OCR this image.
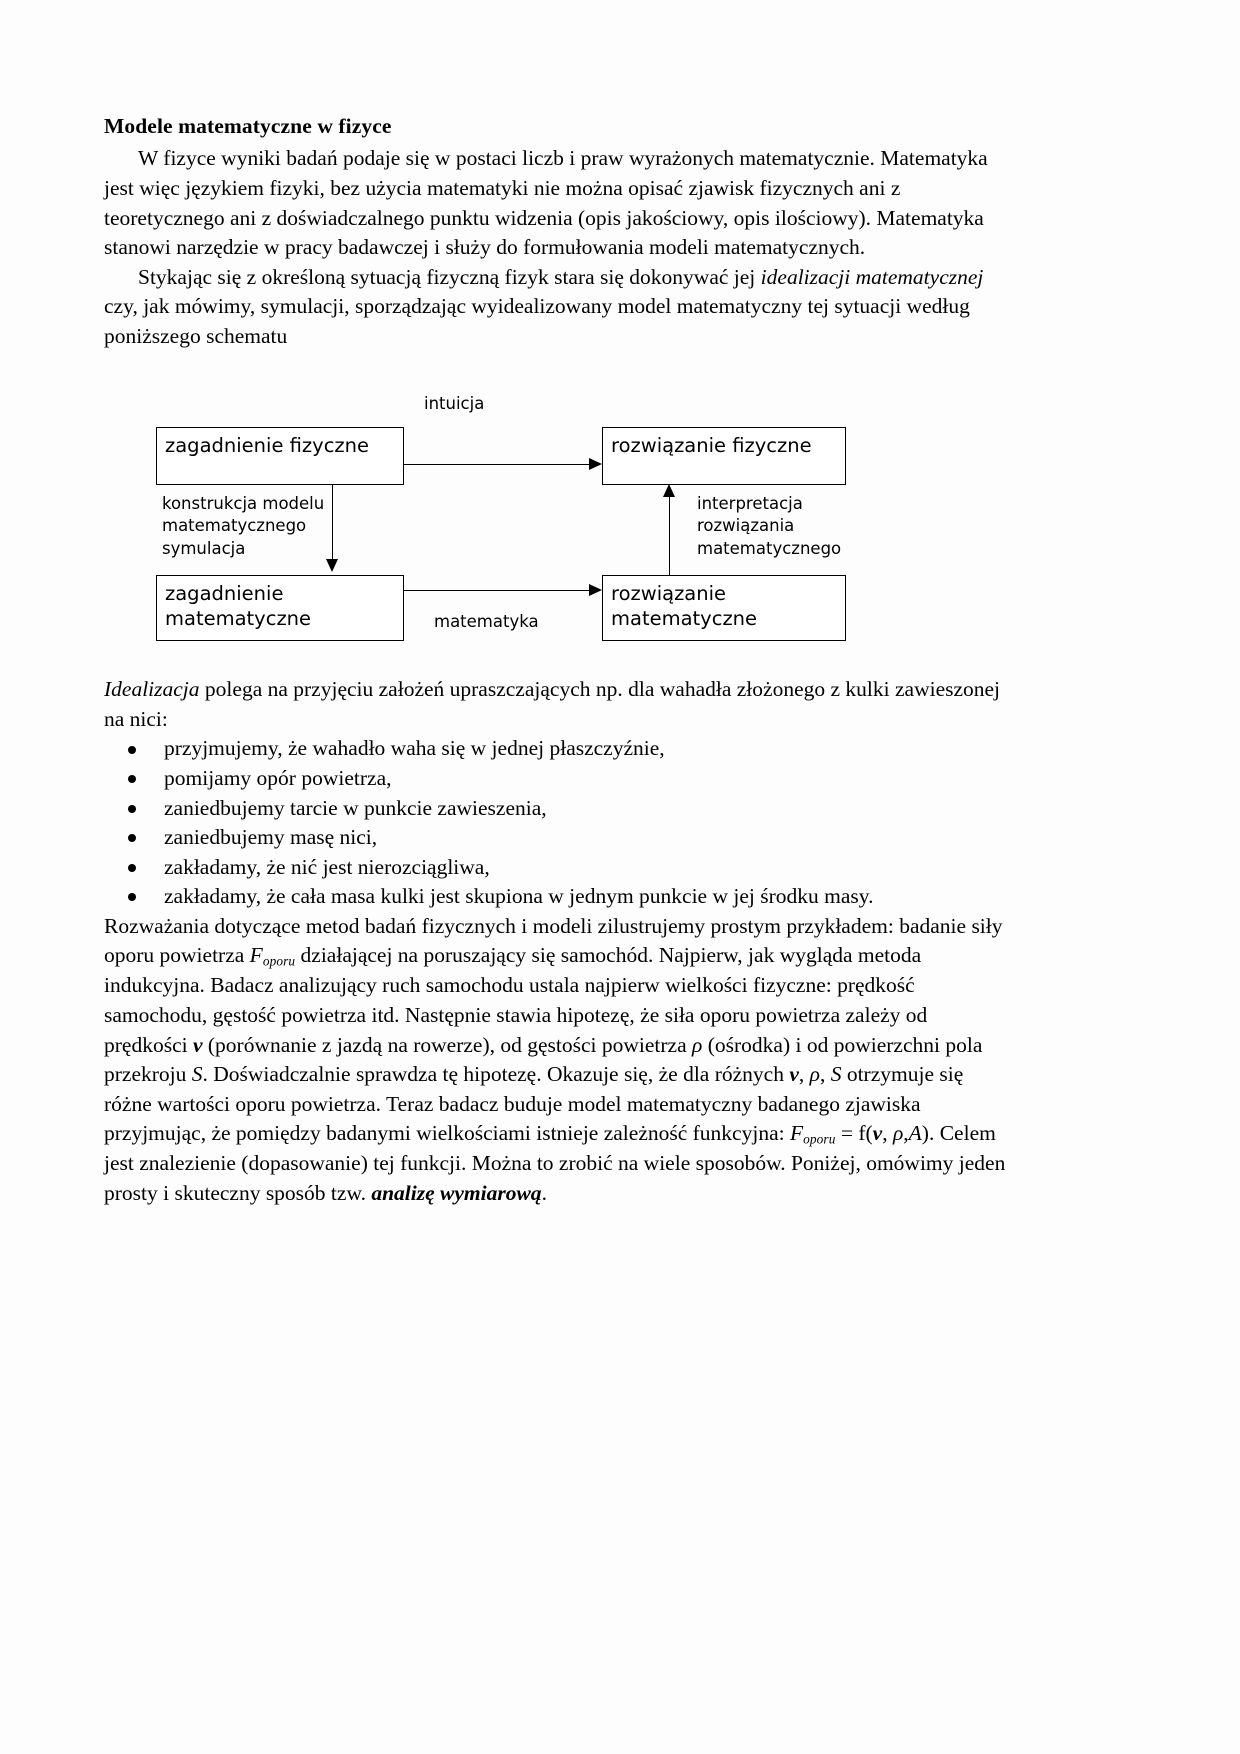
Modele matematyczne w fizyce

W fizyce wyniki badań podaje się w postaci liczb i praw wyrażonych matematycznie. Matematyka jest więc językiem fizyki, bez użycia matematyki nie można opisać zjawisk fizycznych ani z teoretycznego ani z doświadczalnego punktu widzenia (opis jakościowy, opis ilościowy). Matematyka stanowi narzędzie w pracy badawczej i służy do formułowania modeli matematycznych.

Stykając się z określoną sytuacją fizyczną fizyk stara się dokonywać jej idealizacji matematycznej czy, jak mówimy, symulacji, sporządzając wyidealizowany model matematyczny tej sytuacji według poniższego schematu

zagadnienie fizyczne	rozwiązanie fizyczne
zagadnienie
matematyczne
rozwiązanie
matematyczne
intuicja
konstrukcja modelu
matematycznego
symulacja
matematyka
interpretacja
rozwiązania
matematycznego

Idealizacja polega na przyjęciu założeń upraszczających np. dla wahadła złożonego z kulki zawieszonej na nici:

przyjmujemy, że wahadło waha się w jednej płaszczyźnie,
pomijamy opór powietrza,
zaniedbujemy tarcie w punkcie zawieszenia,
zaniedbujemy masę nici,
zakładamy, że nić jest nierozciągliwa,
zakładamy, że cała masa kulki jest skupiona w jednym punkcie w jej środku masy.

Rozważania dotyczące metod badań fizycznych i modeli zilustrujemy prostym przykładem: badanie siły oporu powietrza $F_{oporu}$ działającej na poruszający się samochód. Najpierw, jak wygląda metoda indukcyjna. Badacz analizujący ruch samochodu ustala najpierw wielkości fizyczne: prędkość samochodu, gęstość powietrza itd. Następnie stawia hipotezę, że siła oporu powietrza zależy od prędkości v (porównanie z jazdą na rowerze), od gęstości powietrza ρ (ośrodka) i od powierzchni pola przekroju S. Doświadczalnie sprawdza tę hipotezę. Okazuje się, że dla różnych v, ρ, S otrzymuje się różne wartości oporu powietrza. Teraz badacz buduje model matematyczny badanego zjawiska przyjmując, że pomiędzy badanymi wielkościami istnieje zależność funkcyjna: $F_{oporu} = f(v$, ρ,A). Celem jest znalezienie (dopasowanie) tej funkcji. Można to zrobić na wiele sposobów. Poniżej, omówimy jeden prosty i skuteczny sposób tzw. analizę wymiarową.
